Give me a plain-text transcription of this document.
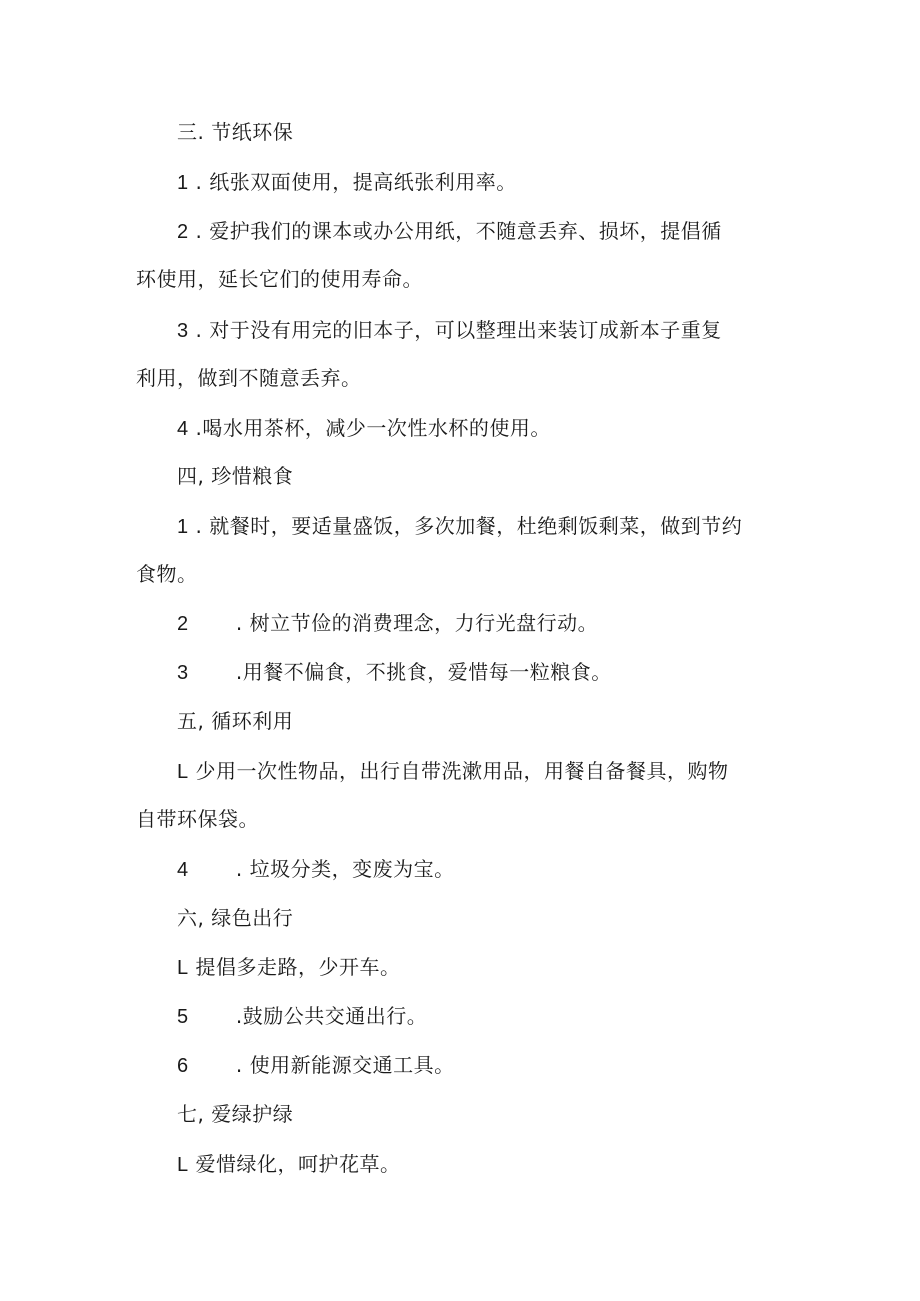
三. 节纸环保
1 . 纸张双面使用，提高纸张利用率。
2 . 爱护我们的课本或办公用纸，不随意丢弃、损坏，提倡循
环使用，延长它们的使用寿命。
3 . 对于没有用完的旧本子，可以整理出来装订成新本子重复
利用，做到不随意丢弃。
4 .喝水用茶杯，减少一次性水杯的使用。
四, 珍惜粮食
1 . 就餐时，要适量盛饭，多次加餐，杜绝剩饭剩菜，做到节约
食物。
2 . 树立节俭的消费理念，力行光盘行动。
3 .用餐不偏食，不挑食，爱惜每一粒粮食。
五, 循环利用
L 少用一次性物品，出行自带洗漱用品，用餐自备餐具，购物
自带环保袋。
4 . 垃圾分类，变废为宝。
六, 绿色出行
L 提倡多走路，少开车。
5 .鼓励公共交通出行。
6 . 使用新能源交通工具。
七, 爱绿护绿
L 爱惜绿化，呵护花草。
